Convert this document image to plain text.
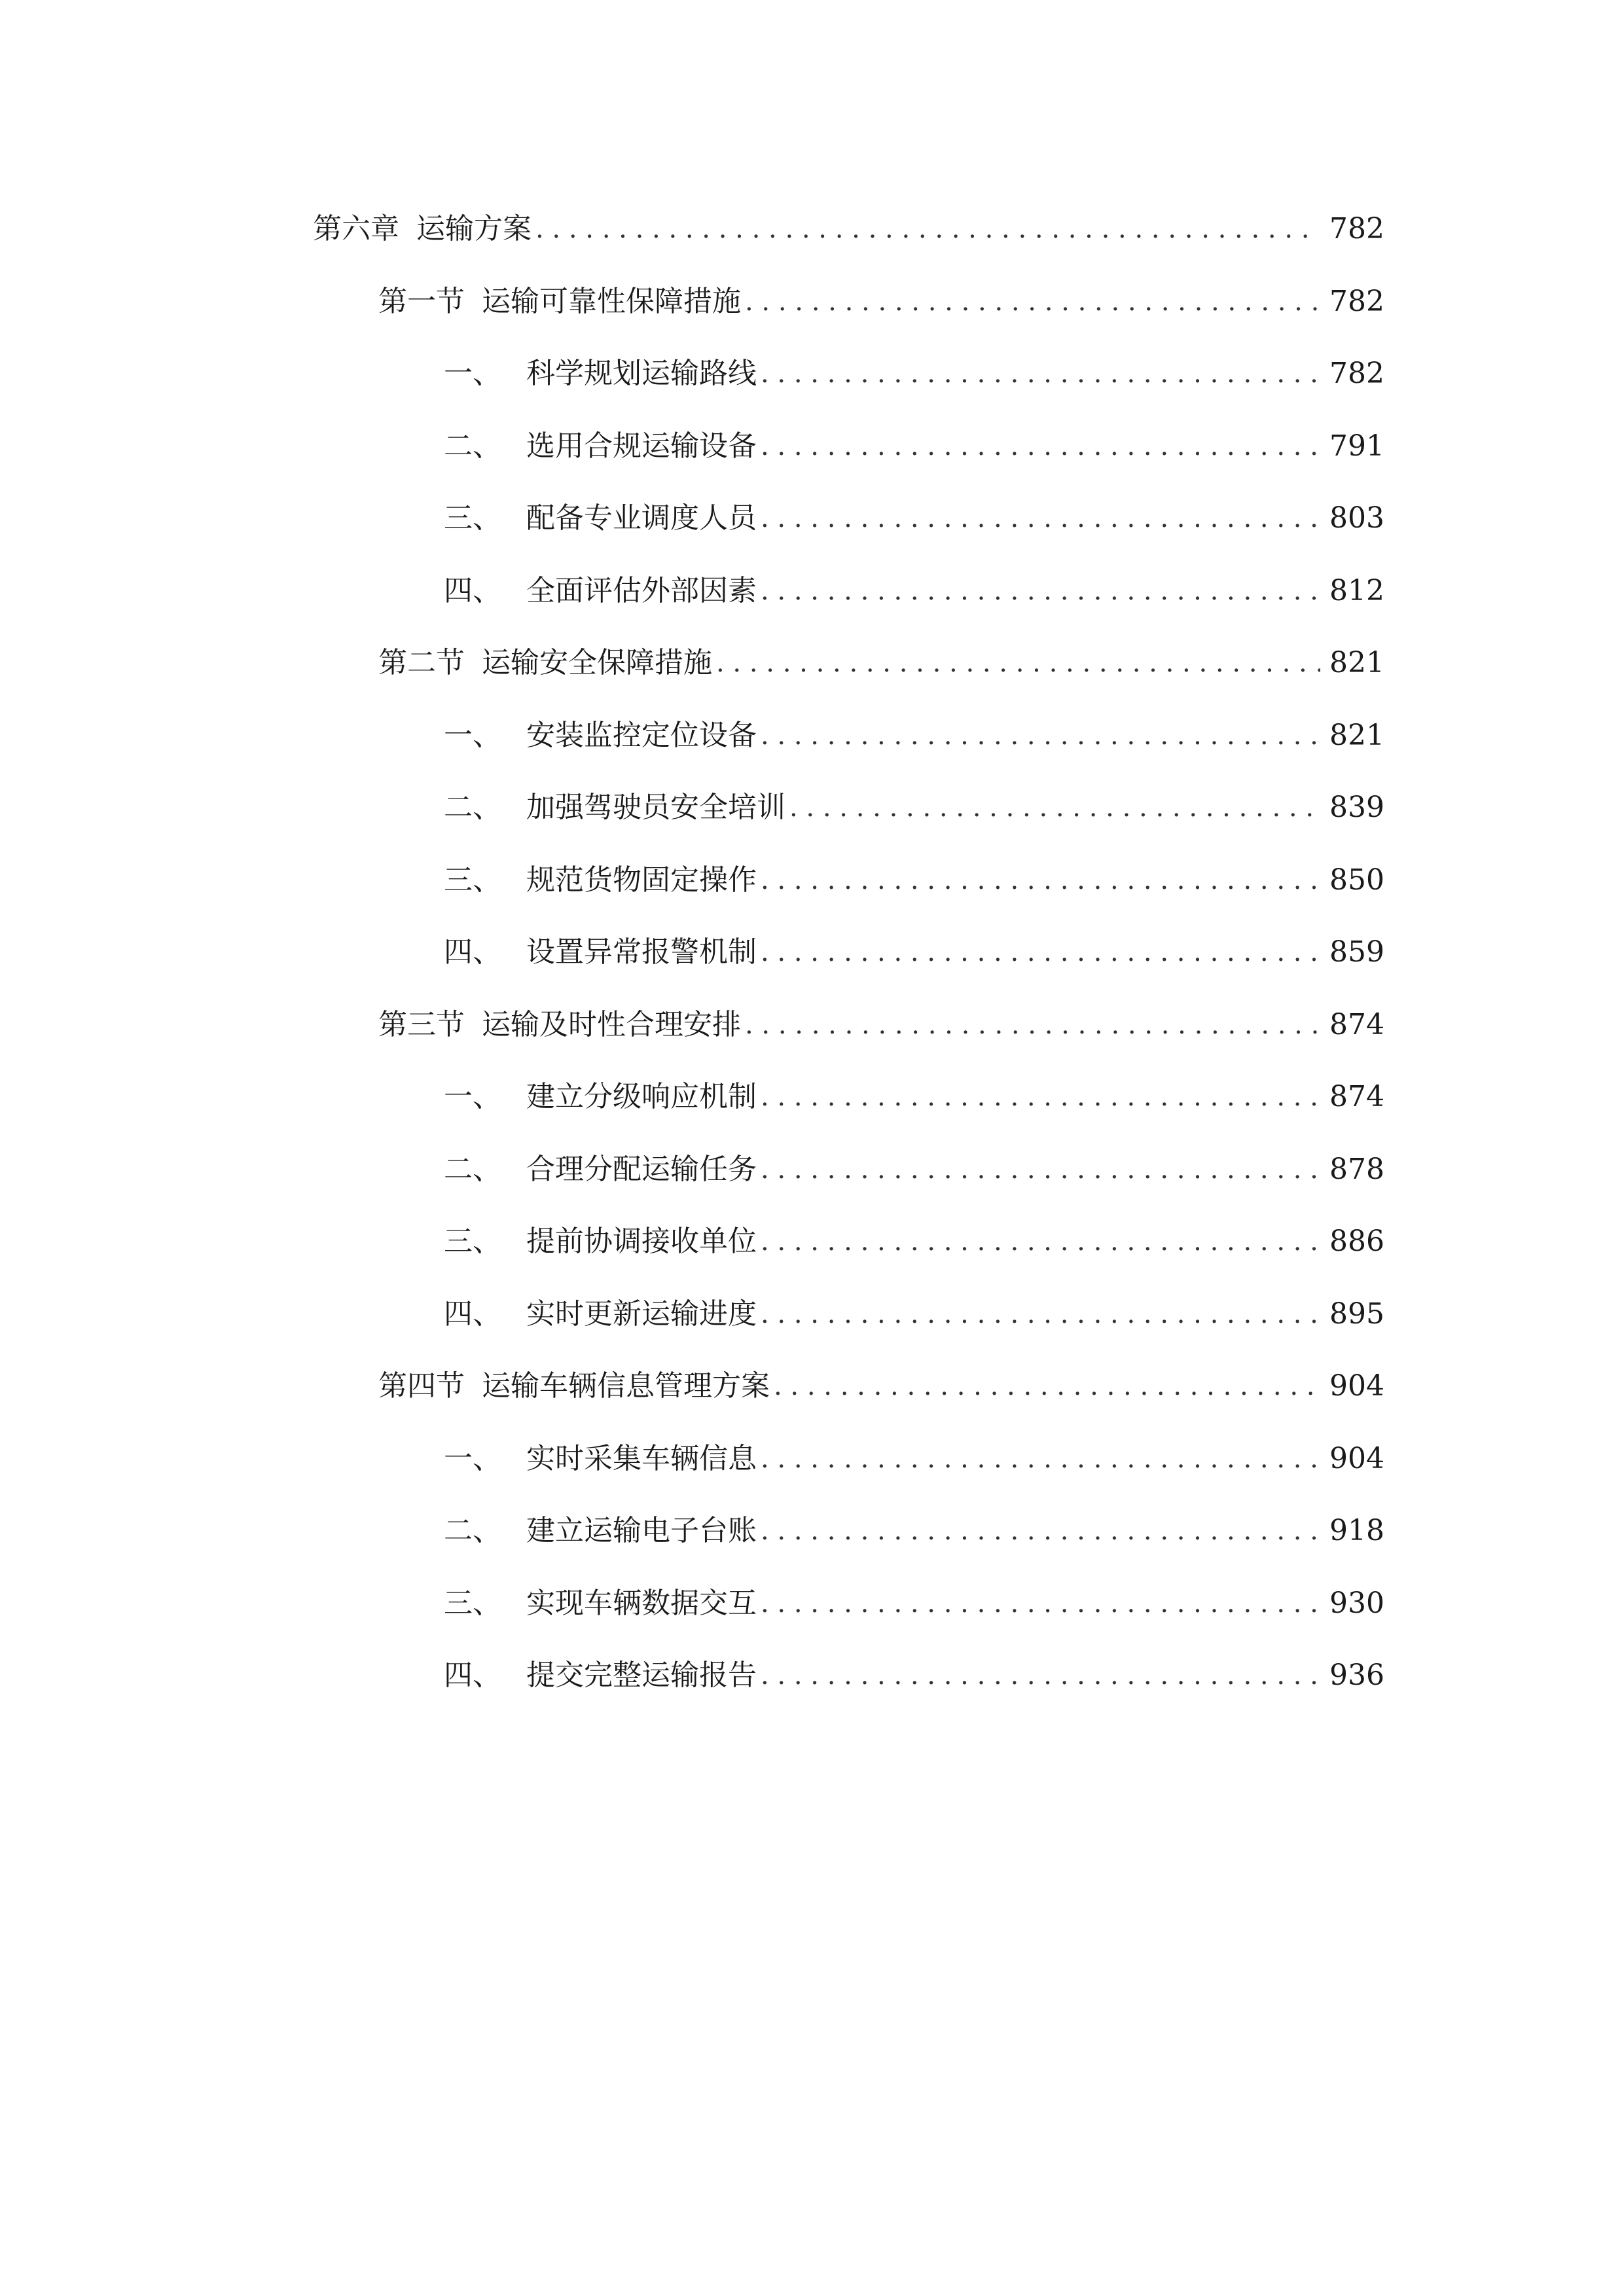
第六章 运输方案 . . .	782
第一节 运输可靠性保障措施 . . .	782
一、 科学规划运输路线 . . .	782
二、 选用合规运输设备 . . .	791
三、 配备专业调度人员 . . .	803
四、 全面评估外部因素 . . .	812
第二节 运输安全保障措施 . . .	821
一、 安装监控定位设备 . . .	821
二、 加强驾驶员安全培训 . . .	839
三、 规范货物固定操作 . . .	850
四、 设置异常报警机制 . . .	859
第三节 运输及时性合理安排 . . .	874
一、 建立分级响应机制 . . .	874
二、 合理分配运输任务 . . .	878
三、 提前协调接收单位 . . .	886
四、 实时更新运输进度 . . .	895
第四节 运输车辆信息管理方案 . . .	904
一、 实时采集车辆信息 . . .	904
二、 建立运输电子台账 . . .	918
三、 实现车辆数据交互 . . .	930
四、 提交完整运输报告 . . .	936
